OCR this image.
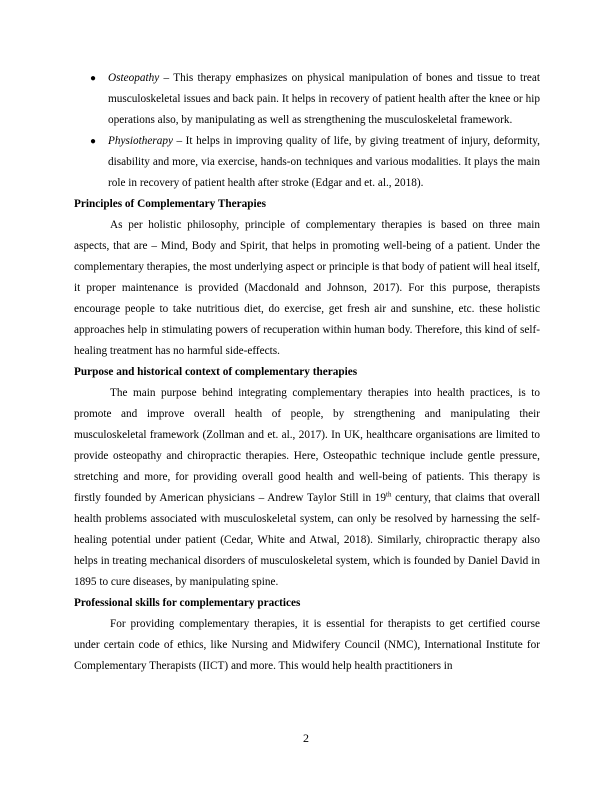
● Osteopathy – This therapy emphasizes on physical manipulation of bones and tissue to treat musculoskeletal issues and back pain. It helps in recovery of patient health after the knee or hip operations also, by manipulating as well as strengthening the musculoskeletal framework.
● Physiotherapy – It helps in improving quality of life, by giving treatment of injury, deformity, disability and more, via exercise, hands-on techniques and various modalities. It plays the main role in recovery of patient health after stroke (Edgar and et. al., 2018).

Principles of Complementary Therapies

As per holistic philosophy, principle of complementary therapies is based on three main aspects, that are – Mind, Body and Spirit, that helps in promoting well-being of a patient. Under the complementary therapies, the most underlying aspect or principle is that body of patient will heal itself, it proper maintenance is provided (Macdonald and Johnson, 2017). For this purpose, therapists encourage people to take nutritious diet, do exercise, get fresh air and sunshine, etc. these holistic approaches help in stimulating powers of recuperation within human body. Therefore, this kind of self-healing treatment has no harmful side-effects.

Purpose and historical context of complementary therapies

The main purpose behind integrating complementary therapies into health practices, is to promote and improve overall health of people, by strengthening and manipulating their musculoskeletal framework (Zollman and et. al., 2017). In UK, healthcare organisations are limited to provide osteopathy and chiropractic therapies. Here, Osteopathic technique include gentle pressure, stretching and more, for providing overall good health and well-being of patients. This therapy is firstly founded by American physicians – Andrew Taylor Still in 19th century, that claims that overall health problems associated with musculoskeletal system, can only be resolved by harnessing the self-healing potential under patient (Cedar, White and Atwal, 2018). Similarly, chiropractic therapy also helps in treating mechanical disorders of musculoskeletal system, which is founded by Daniel David in 1895 to cure diseases, by manipulating spine.

Professional skills for complementary practices

For providing complementary therapies, it is essential for therapists to get certified course under certain code of ethics, like Nursing and Midwifery Council (NMC), International Institute for Complementary Therapists (IICT) and more. This would help health practitioners in

2
